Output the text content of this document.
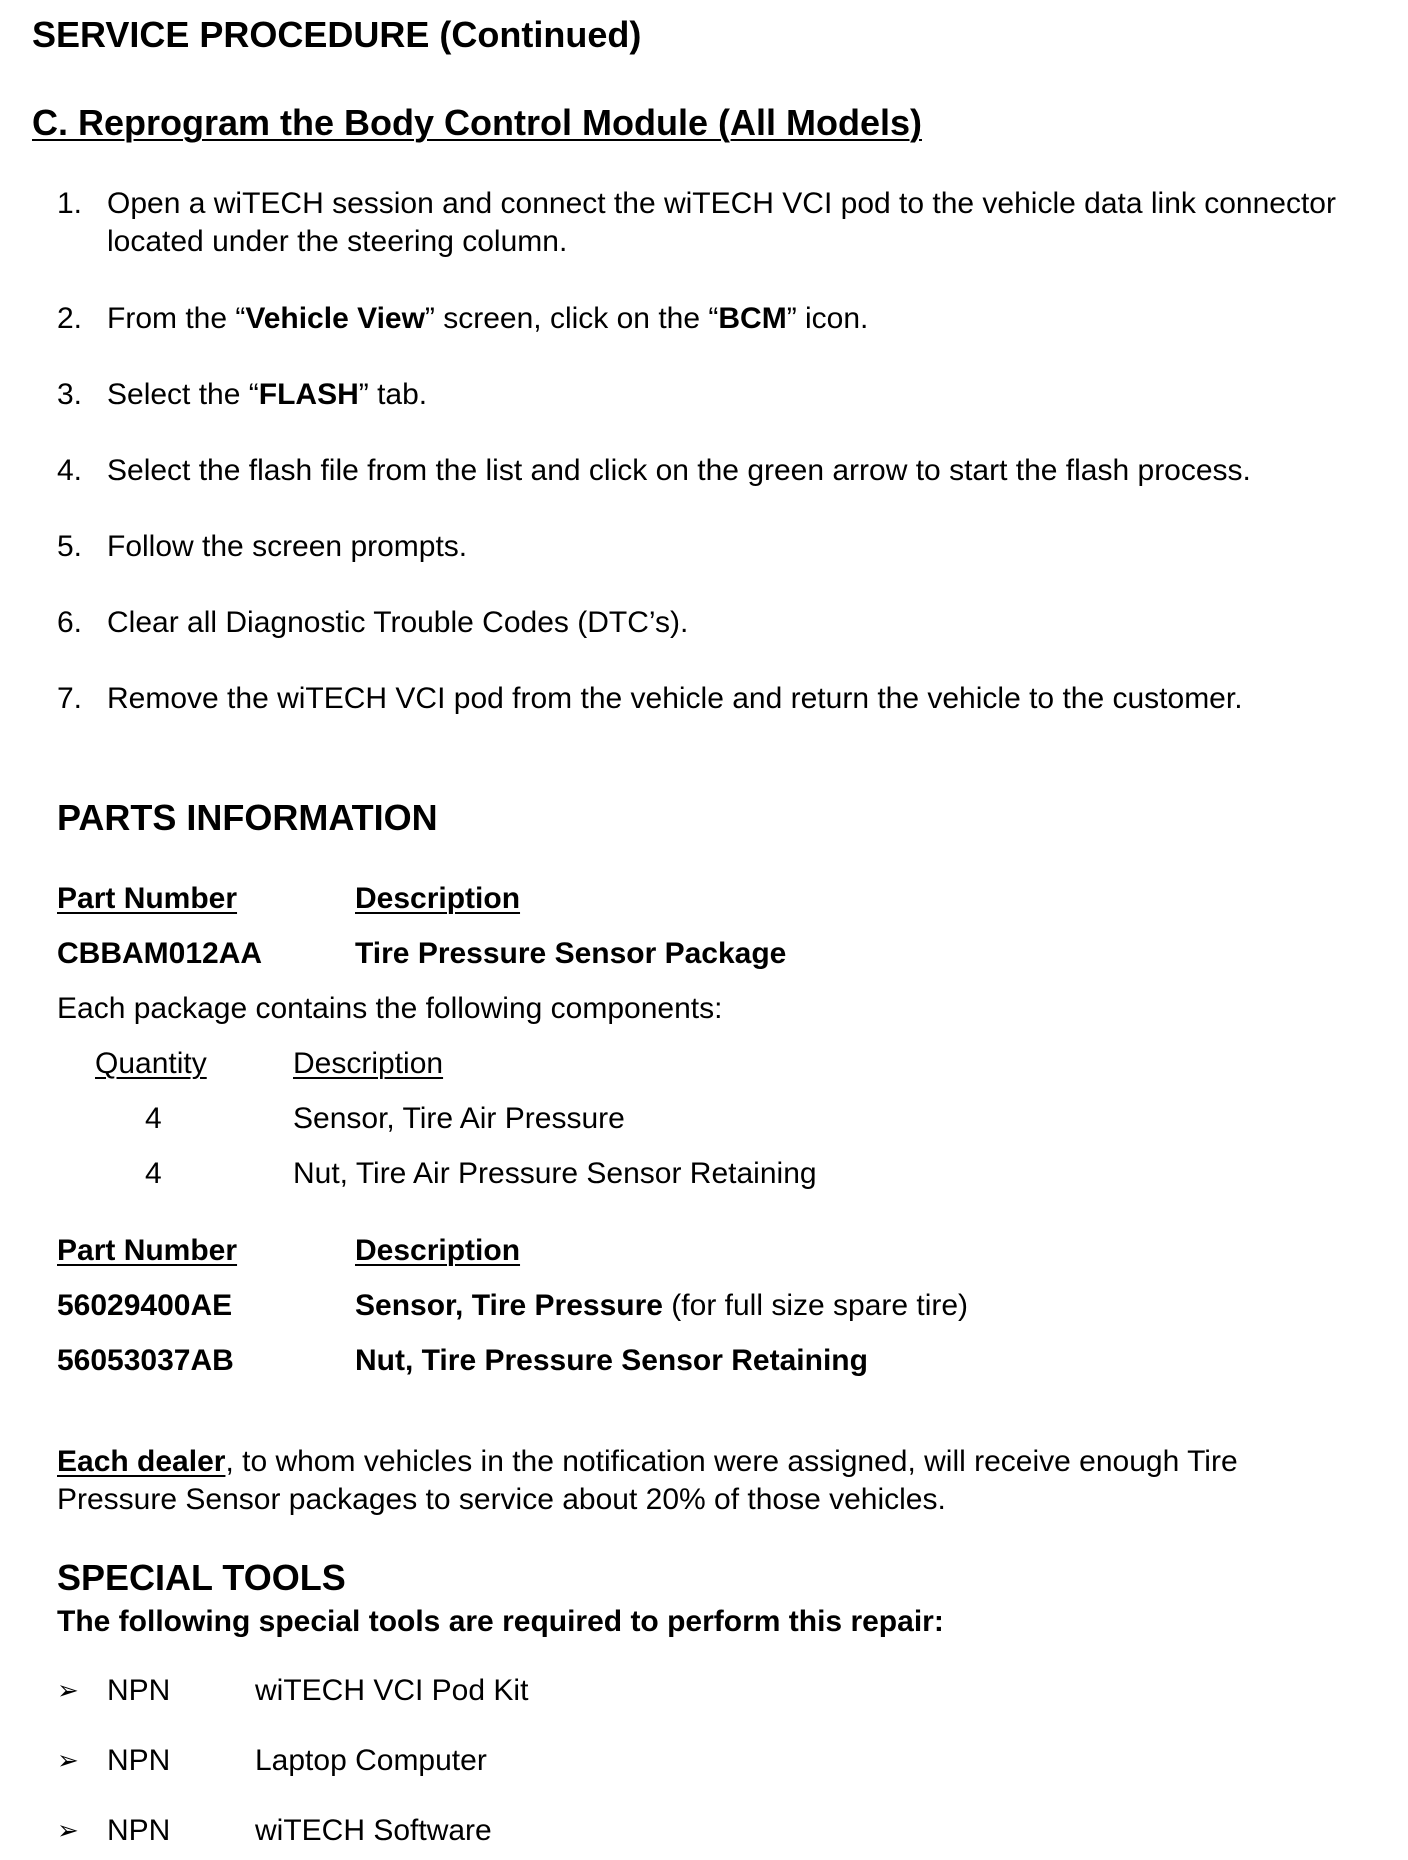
SERVICE PROCEDURE (Continued)
C. Reprogram the Body Control Module (All Models)
1. Open a wiTECH session and connect the wiTECH VCI pod to the vehicle data link connector located under the steering column.
2. From the “Vehicle View” screen, click on the “BCM” icon.
3. Select the “FLASH” tab.
4. Select the flash file from the list and click on the green arrow to start the flash process.
5. Follow the screen prompts.
6. Clear all Diagnostic Trouble Codes (DTC’s).
7. Remove the wiTECH VCI pod from the vehicle and return the vehicle to the customer.
PARTS INFORMATION
Part Number	Description
CBBAM012AA	Tire Pressure Sensor Package
Each package contains the following components:
Quantity	Description
4	Sensor, Tire Air Pressure
4	Nut, Tire Air Pressure Sensor Retaining
Part Number	Description
56029400AE	Sensor, Tire Pressure (for full size spare tire)
56053037AB	Nut, Tire Pressure Sensor Retaining
Each dealer, to whom vehicles in the notification were assigned, will receive enough Tire
Pressure Sensor packages to service about 20% of those vehicles.
SPECIAL TOOLS
The following special tools are required to perform this repair:
➢ NPN	wiTECH VCI Pod Kit
➢ NPN	Laptop Computer
➢ NPN	wiTECH Software
